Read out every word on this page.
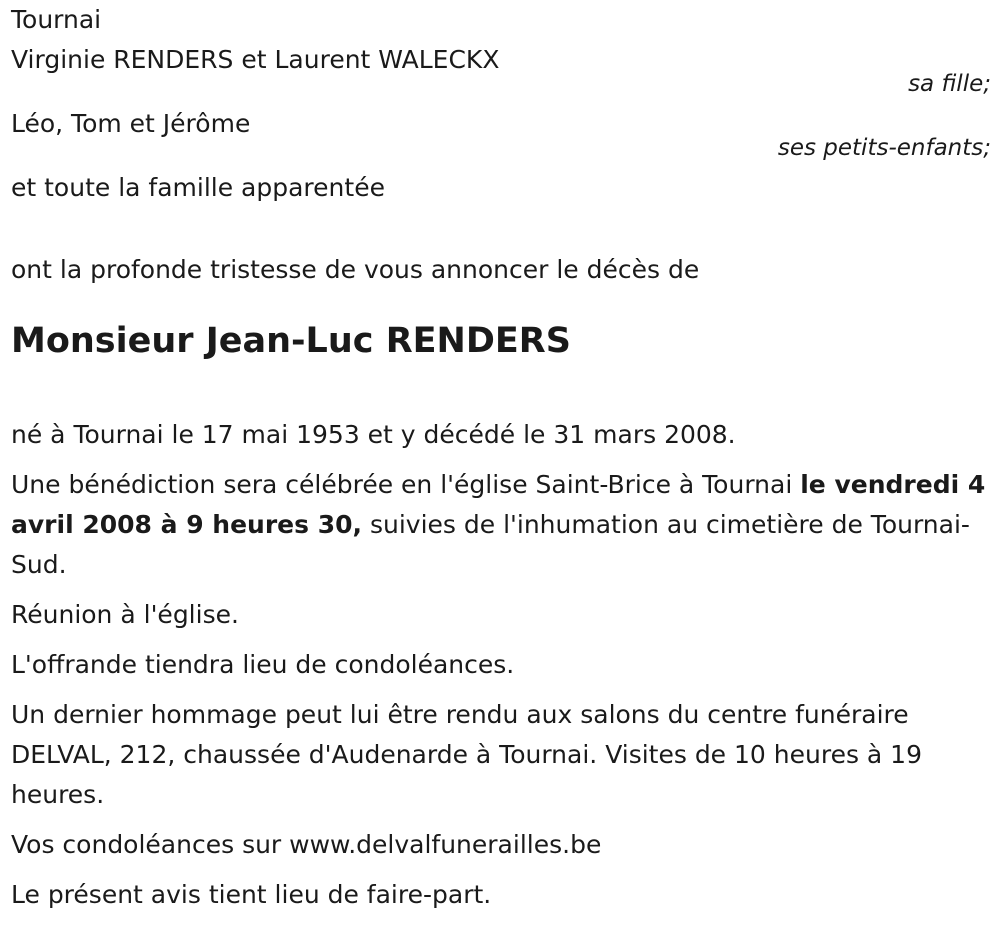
Tournai
Virginie RENDERS et Laurent WALECKX
sa fille;
Léo, Tom et Jérôme
ses petits-enfants;
et toute la famille apparentée
ont la profonde tristesse de vous annoncer le décès de
Monsieur Jean-Luc RENDERS
né à Tournai le 17 mai 1953 et y décédé le 31 mars 2008.
Une bénédiction sera célébrée en l'église Saint-Brice à Tournai le vendredi 4 avril 2008 à 9 heures 30, suivies de l'inhumation au cimetière de Tournai-Sud.
Réunion à l'église.
L'offrande tiendra lieu de condoléances.
Un dernier hommage peut lui être rendu aux salons du centre funéraire DELVAL, 212, chaussée d'Audenarde à Tournai. Visites de 10 heures à 19 heures.
Vos condoléances sur www.delvalfunerailles.be
Le présent avis tient lieu de faire-part.
